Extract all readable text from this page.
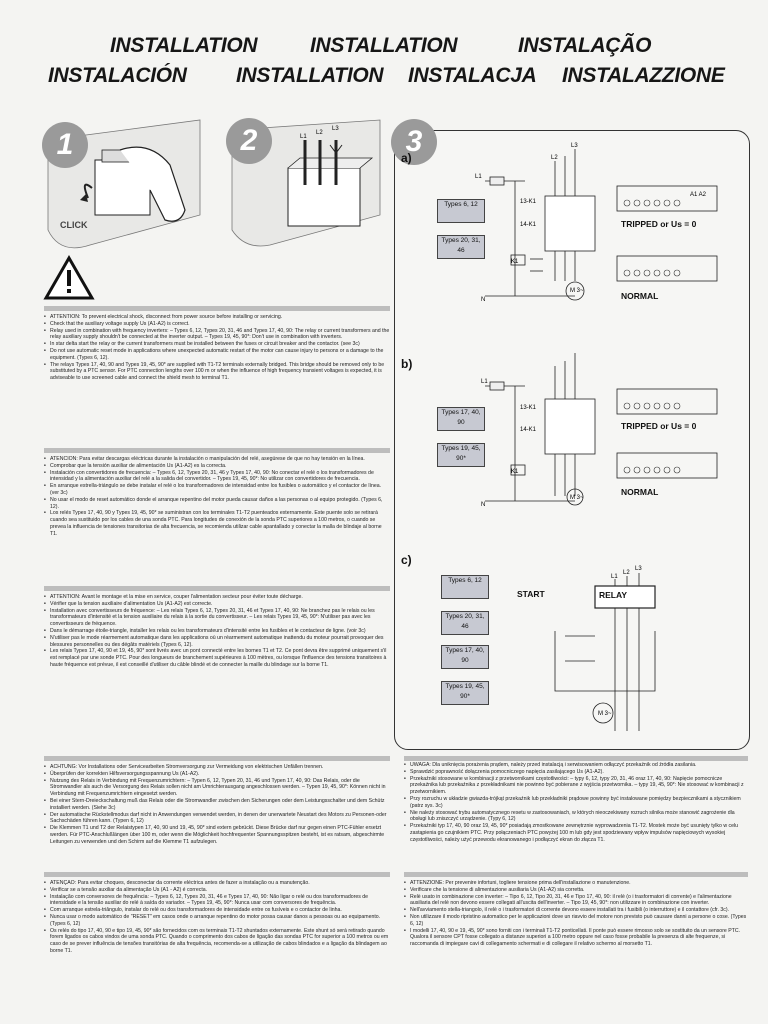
INSTALLATION	INSTALLATION	INSTALAÇÃO
INSTALACIÓN INSTALLATION INSTALACJA INSTALAZZIONE
1
CLICK
L1
L2
L3
2
L1
L2
L3
N
K1
13-K1
14-K1
A1 A2
M 3~
L1
N
K1
13-K1
14-K1
M 3~
L1
L2
L3
M 3~
3
a)
b)
c)
Types 6, 12
Types 20, 31, 46
Types 17, 40, 90
Types 19, 45, 90*
Types 6, 12
Types 20, 31, 46
Types 17, 40, 90
Types 19, 45, 90*
TRIPPED or Us = 0
NORMAL
TRIPPED or Us = 0
NORMAL
START	RELAY
• ATTENTION: To prevent electrical shock, disconnect from power source before installing or servicing.
• Check that the auxiliary voltage supply Us (A1-A2) is correct.
• Relay used in combination with frequency inverters: – Types 6, 12, Types 20, 31, 46 and Types 17, 40, 90: The relay or current transformers and the relay auxiliary supply shouldn't be connected at the inverter output. – Types 19, 45, 90*: Don't use in combination with inverters.
• In star delta start the relay or the current transformers must be installed between the fuses or circuit breaker and the contactor. (see 3c)
• Do not use automatic reset mode in applications where unexpected automatic restart of the motor can cause injury to persons or a damage to the equipment. (Types 6, 12).
• The relays Types 17, 40, 90 and Types 19, 45, 90* are supplied with T1-T2 terminals externally bridged. This bridge should be removed only to be substituted by a PTC sensor. For PTC connection lengths over 100 m or when the influence of high frequency transient voltages is expected, it is adviseable to use screened cable and connect the shield mesh to terminal T1.
• ATENCIÓN: Para evitar descargas eléctricas durante la instalación o manipulación del relé, asegúrese de que no hay tensión en la línea.
• Comprobar que la tensión auxiliar de alimentación Us (A1-A2) es la correcta.
• Instalación con convertidores de frecuencia: – Types 6, 12, Types 20, 31, 46 y Types 17, 40, 90: No conectar el relé o los transformadores de intensidad y la alimentación auxiliar del relé a la salida del convertidor. – Types 19, 45, 90*: No utilizar con convertidores de frecuencia.
• En arranque estrella-triángulo se debe instalar el relé o los transformadores de intensidad entre los fusibles o automático y el contactor de línea. (ver 3c)
• No usar el modo de reset automático donde el arranque repentino del motor pueda causar daños a las personas o al equipo protegido. (Types 6, 12).
• Los relés Types 17, 40, 90 y Types 19, 45, 90* se suministran con los terminales T1-T2 puenteados externamente. Este puente solo se retirará cuando sea sustituido por los cables de una sonda PTC. Para longitudes de conexión de la sonda PTC superiores a 100 metros, o cuando se prevea la influencia de tensiones transitorias de alta frecuencia, se recomienda utilizar cable apantallado y conectar la malla de blindaje al borne T1.
• ATTENTION: Avant le montage et la mise en service, couper l'alimentation secteur pour éviter toute décharge.
• Vérifier que la tension auxiliaire d'alimentation Us (A1-A2) est correcte.
• Installation avec convertisseurs de fréquence: – Les relais Types 6, 12, Types 20, 31, 46 et Types 17, 40, 90: Ne branchez pas le relais ou les transformateurs d'intensité et la tension auxiliaire du relais à la sortie du convertisseur. – Les relais Types 19, 45, 90*: N'utiliser pas avec les convertisseurs de fréquence.
• Dans le démarrage étoile-triangle, installer les relais ou les transformateurs d'intensité entre les fusibles et le contacteur de ligne. (voir 3c)
• N'utiliser pas le mode réarmement automatique dans les applications où un réarmement automatique inattendu du moteur pourrait provoquer des blessures personnelles ou des dégâts matériels (Types 6, 12).
• Les relais Types 17, 40, 90 et 19, 45, 90* sont livrés avec un pont connecté entre les bornes T1 et T2. Ce pont devra être supprimé uniquement s'il est remplacé par une sonde PTC. Pour des longueurs de branchement supérieures à 100 mètres, ou lorsque l'influence des tensions transitoires à haute fréquence est prévue, il est conseillé d'utiliser du câble blindé et de connecter la maille du blindage sur la borne T1.
• ACHTUNG: Vor Installations oder Servicearbeiten Stromversorgung zur Vermeidung von elektrischen Unfällen trennen.
• Überprüfen der korrekten Hilfsversorgungsspannung Us (A1-A2).
• Nutzung des Relais in Verbindung mit Frequenzumrichtern: – Typen 6, 12, Typen 20, 31, 46 und Typen 17, 40, 90: Das Relais, oder die Stromwandler als auch die Versorgung des Relais sollen nicht am Umrichterausgang angeschlossen werden. – Typen 19, 45, 90*: Können nicht in Verbindung mit Frequenzumrichtern eingesetzt werden.
• Bei einer Stern-Dreieckschaltung muß das Relais oder die Stromwandler zwischen den Sicherungen oder dem Leistungsschalter und dem Schütz installiert werden. (Siehe 3c)
• Der automatische Rückstellmodus darf nicht in Anwendungen verwendet werden, in denen der unerwartete Neustart des Motors zu Personen-oder Sachschäden führen kann. (Typen 6, 12)
• Die Klemmen T1 und T2 der Relaistypen 17, 40, 90 und 19, 45, 90* sind extern gebrückt. Diese Brücke darf nur gegen einen PTC-Fühler ersetzt werden. Für PTC-Anschlußlängen über 100 m, oder wenn die Möglichkeit hochfrequenter Spannungsspitzen besteht, ist es ratsam, abgeschirmte Leitungen zu verwenden und den Schirm auf die Klemme T1 aufzulegen.
• ATENÇÃO: Para evitar choques, desconectar da corrente eléctrica antes de fazer a instalação ou a manutenção.
• Verificar se a tensão auxiliar da alimentação Us (A1 - A2) é correcta.
• Instalação com conversores de frequência: – Types 6, 12, Types 20, 31, 46 e Types 17, 40, 90: Não ligar o relé ou dos transformadores de intensidade e la tensão auxiliar do relé à saída do variador. – Types 19, 45, 90*: Nunca usar com conversores de frequência.
• Com arranque estrela-triângulo, instalar do relé ou dos transformadores de intensidade entre os fusíveis e o contactor de linha.
• Nunca usar o modo automático de "RESET" em casos onde o arranque repentino do motor possa causar danos a pessoas ou ao equipamento. (Types 6, 12)
• Os relés do tipo 17, 40, 90 e tipo 19, 45, 90* são fornecidos com os terminais T1-T2 shuntados externamente. Este shunt só será retirado quando forem ligados os cabos vindos de uma sonda PTC. Quando o comprimento dos cabos de ligação das sondas PTC for superior a 100 metros ou em caso de se prever influência de tensões transitórias de alta frequência, recomenda-se a utilização de cabos blindados e a ligação da blindagem ao borne T1.
• UWAGA: Dla uniknięcia porażenia prądem, należy przed instalacją i serwisowaniem odłączyć przekaźnik od źródła zasilania.
• Sprawdzić poprawność dołączenia pomocniczego napięcia zasilającego Us (A1-A2).
• Przekaźniki stosowane w kombinacji z przetwornikami częstotliwości: – typy 6, 12, typy 20, 31, 46 oraz 17, 40, 90: Napięcie pomocnicze przekaźnika lub przekaźnika z przekładnikami nie powinno być pobierane z wyjścia przetwornika. – typy 19, 45, 90*: Nie stosować w kombinacji z przetwornikiem.
• Przy rozruchu w układzie gwiazda-trójkąt przekaźnik lub przekładniki prądowe powinny być instalowane pomiędzy bezpiecznikami a stycznikiem (patrz sys. 3c)
• Nie należy stosować trybu automatycznego resetu w zastosowaniach, w których nieoczekiwany rozruch silnika może stanowić zagrożenie dla obsługi lub zniszczyć urządzenie. (Typy 6, 12)
• Przekaźniki typ 17, 40, 90 oraz 19, 45, 90* posiadają zmostkowane zewnętrznie wyprowadzenia T1-T2. Mostek może być usunięty tylko w celu zastąpienia go czujnikiem PTC. Przy połączeniach PTC powyżej 100 m lub gdy jest spodziewany wpływ impulsów napięciowych wysokiej częstotliwości, należy użyć przewodu ekranowanego i podłączyć ekran do złącza T1.
• ATTENZIONE: Per prevenire infortuni, togliere tensione prima dell'installazione o manutenzione.
• Verificare che la tensione di alimentazione ausiliaria Us (A1-A2) sia corretta.
• Relè usato in combinazione con inverter: – Tipo 6, 12, Tipo 20, 31, 46 e Tipo 17, 40, 90: il relè (o i trasformatori di corrente) e l'alimentazione ausiliaria del relè non devono essere collegati all'uscita dell'inverter. – Tipo 19, 45, 90*: non utilizzare in combinazione con inverter.
• Nell'avviamento stella-triangolo, il relè o i trasformatori di corrente devono essere installati tra i fusibili (o interruttore) e il contattore (cfr. 3c).
• Non utilizzare il modo ripristino automatico per le applicazioni dove un riavvio del motore non previsto può causare danni a persone o cose. (Types 6, 12)
• I modelli 17, 40, 90 e 19, 45, 90* sono forniti con i terminali T1-T2 ponticellati. Il ponte può essere rimosso solo se sostituito da un sensore PTC. Qualora il sensore CPT fosse collegato a distanze superiori a 100 metro oppure nel caso fosse probabile la presenza di alte frequenze, si raccomanda di impiegare cavi di collegamento schermati e di collegare il relativo schermo al morsetto T1.
